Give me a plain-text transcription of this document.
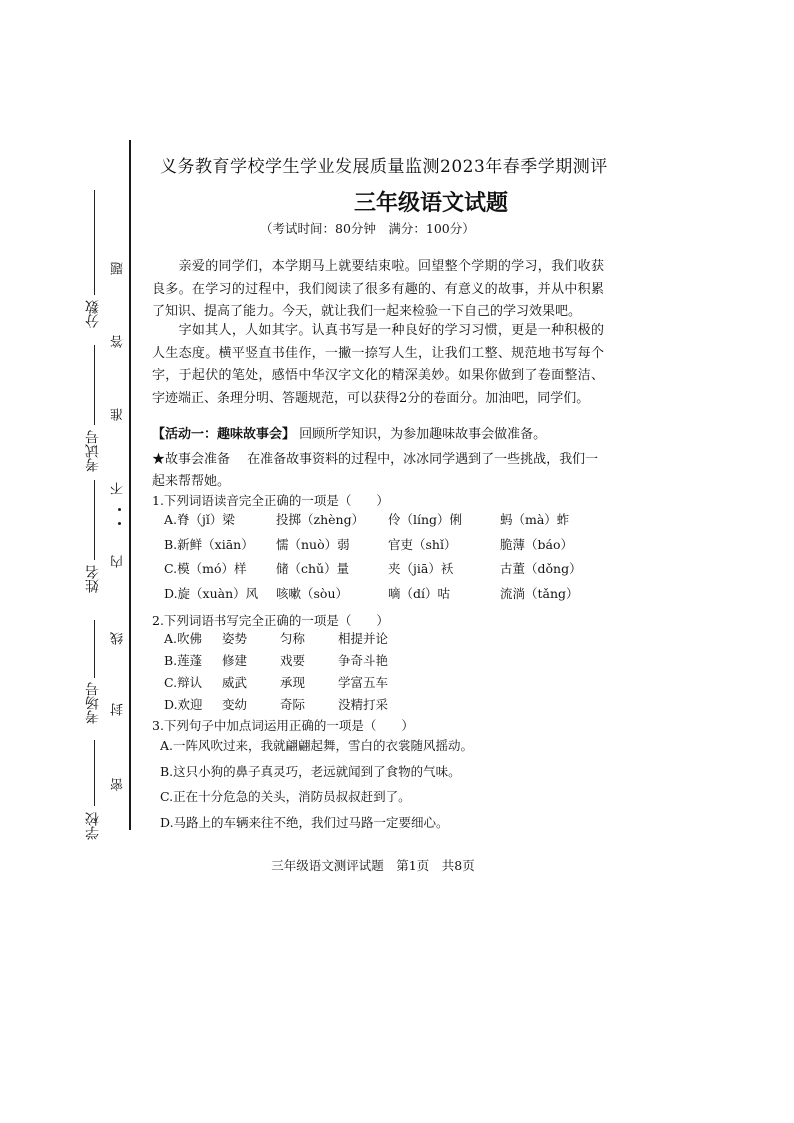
分数
考试号
姓名
考场号
学校
题
答
准
不
内
线
封
密
义务教育学校学生学业发展质量监测2023年春季学期测评
三年级语文试题
（考试时间：80分钟　满分：100分）
　　亲爱的同学们，本学期马上就要结束啦。回望整个学期的学习，我们收获良多。在学习的过程中，我们阅读了很多有趣的、有意义的故事，并从中积累了知识、提高了能力。今天，就让我们一起来检验一下自己的学习效果吧。
　　字如其人，人如其字。认真书写是一种良好的学习习惯，更是一种积极的人生态度。横平竖直书佳作，一撇一捺写人生，让我们工整、规范地书写每个字，于起伏的笔处，感悟中华汉字文化的精深美妙。如果你做到了卷面整洁、字迹端正、条理分明、答题规范，可以获得2分的卷面分。加油吧，同学们。
【活动一：趣味故事会】 回顾所学知识，为参加趣味故事会做准备。
★故事会准备　 在准备故事资料的过程中，冰冰同学遇到了一些挑战，我们一起来帮帮她。
1.下列词语读音完全正确的一项是（　　）
A.脊（jǐ）梁	投掷（zhèng） 伶（líng）俐	蚂（mà）蚱
B.新鲜（xiān） 懦（nuò）弱	官吏（shǐ）	脆薄（báo）
C.模（mó）样 储（chǔ）量	夹（jiā）袄	古董（dǒng）
D.旋（xuàn）风 咳嗽（sòu）	嘀（dí）咕	流淌（tǎng）
2.下列词语书写完全正确的一项是（　　）
A.吹佛 姿势	匀称	相提并论
B.莲蓬 修建	戏要	争奇斗艳
C.辩认 威武	承现	学富五车
D.欢迎 变幼	奇际	没精打采
3.下列句子中加点词运用正确的一项是（　　）
A.一阵风吹过来，我就翩翩起舞，雪白的衣裳随风摇动。
B.这只小狗的鼻子真灵巧，老远就闻到了食物的气味。
C.正在十分危急的关头，消防员叔叔赶到了。
D.马路上的车辆来往不绝，我们过马路一定要细心。
三年级语文测评试题　第1页　共8页
